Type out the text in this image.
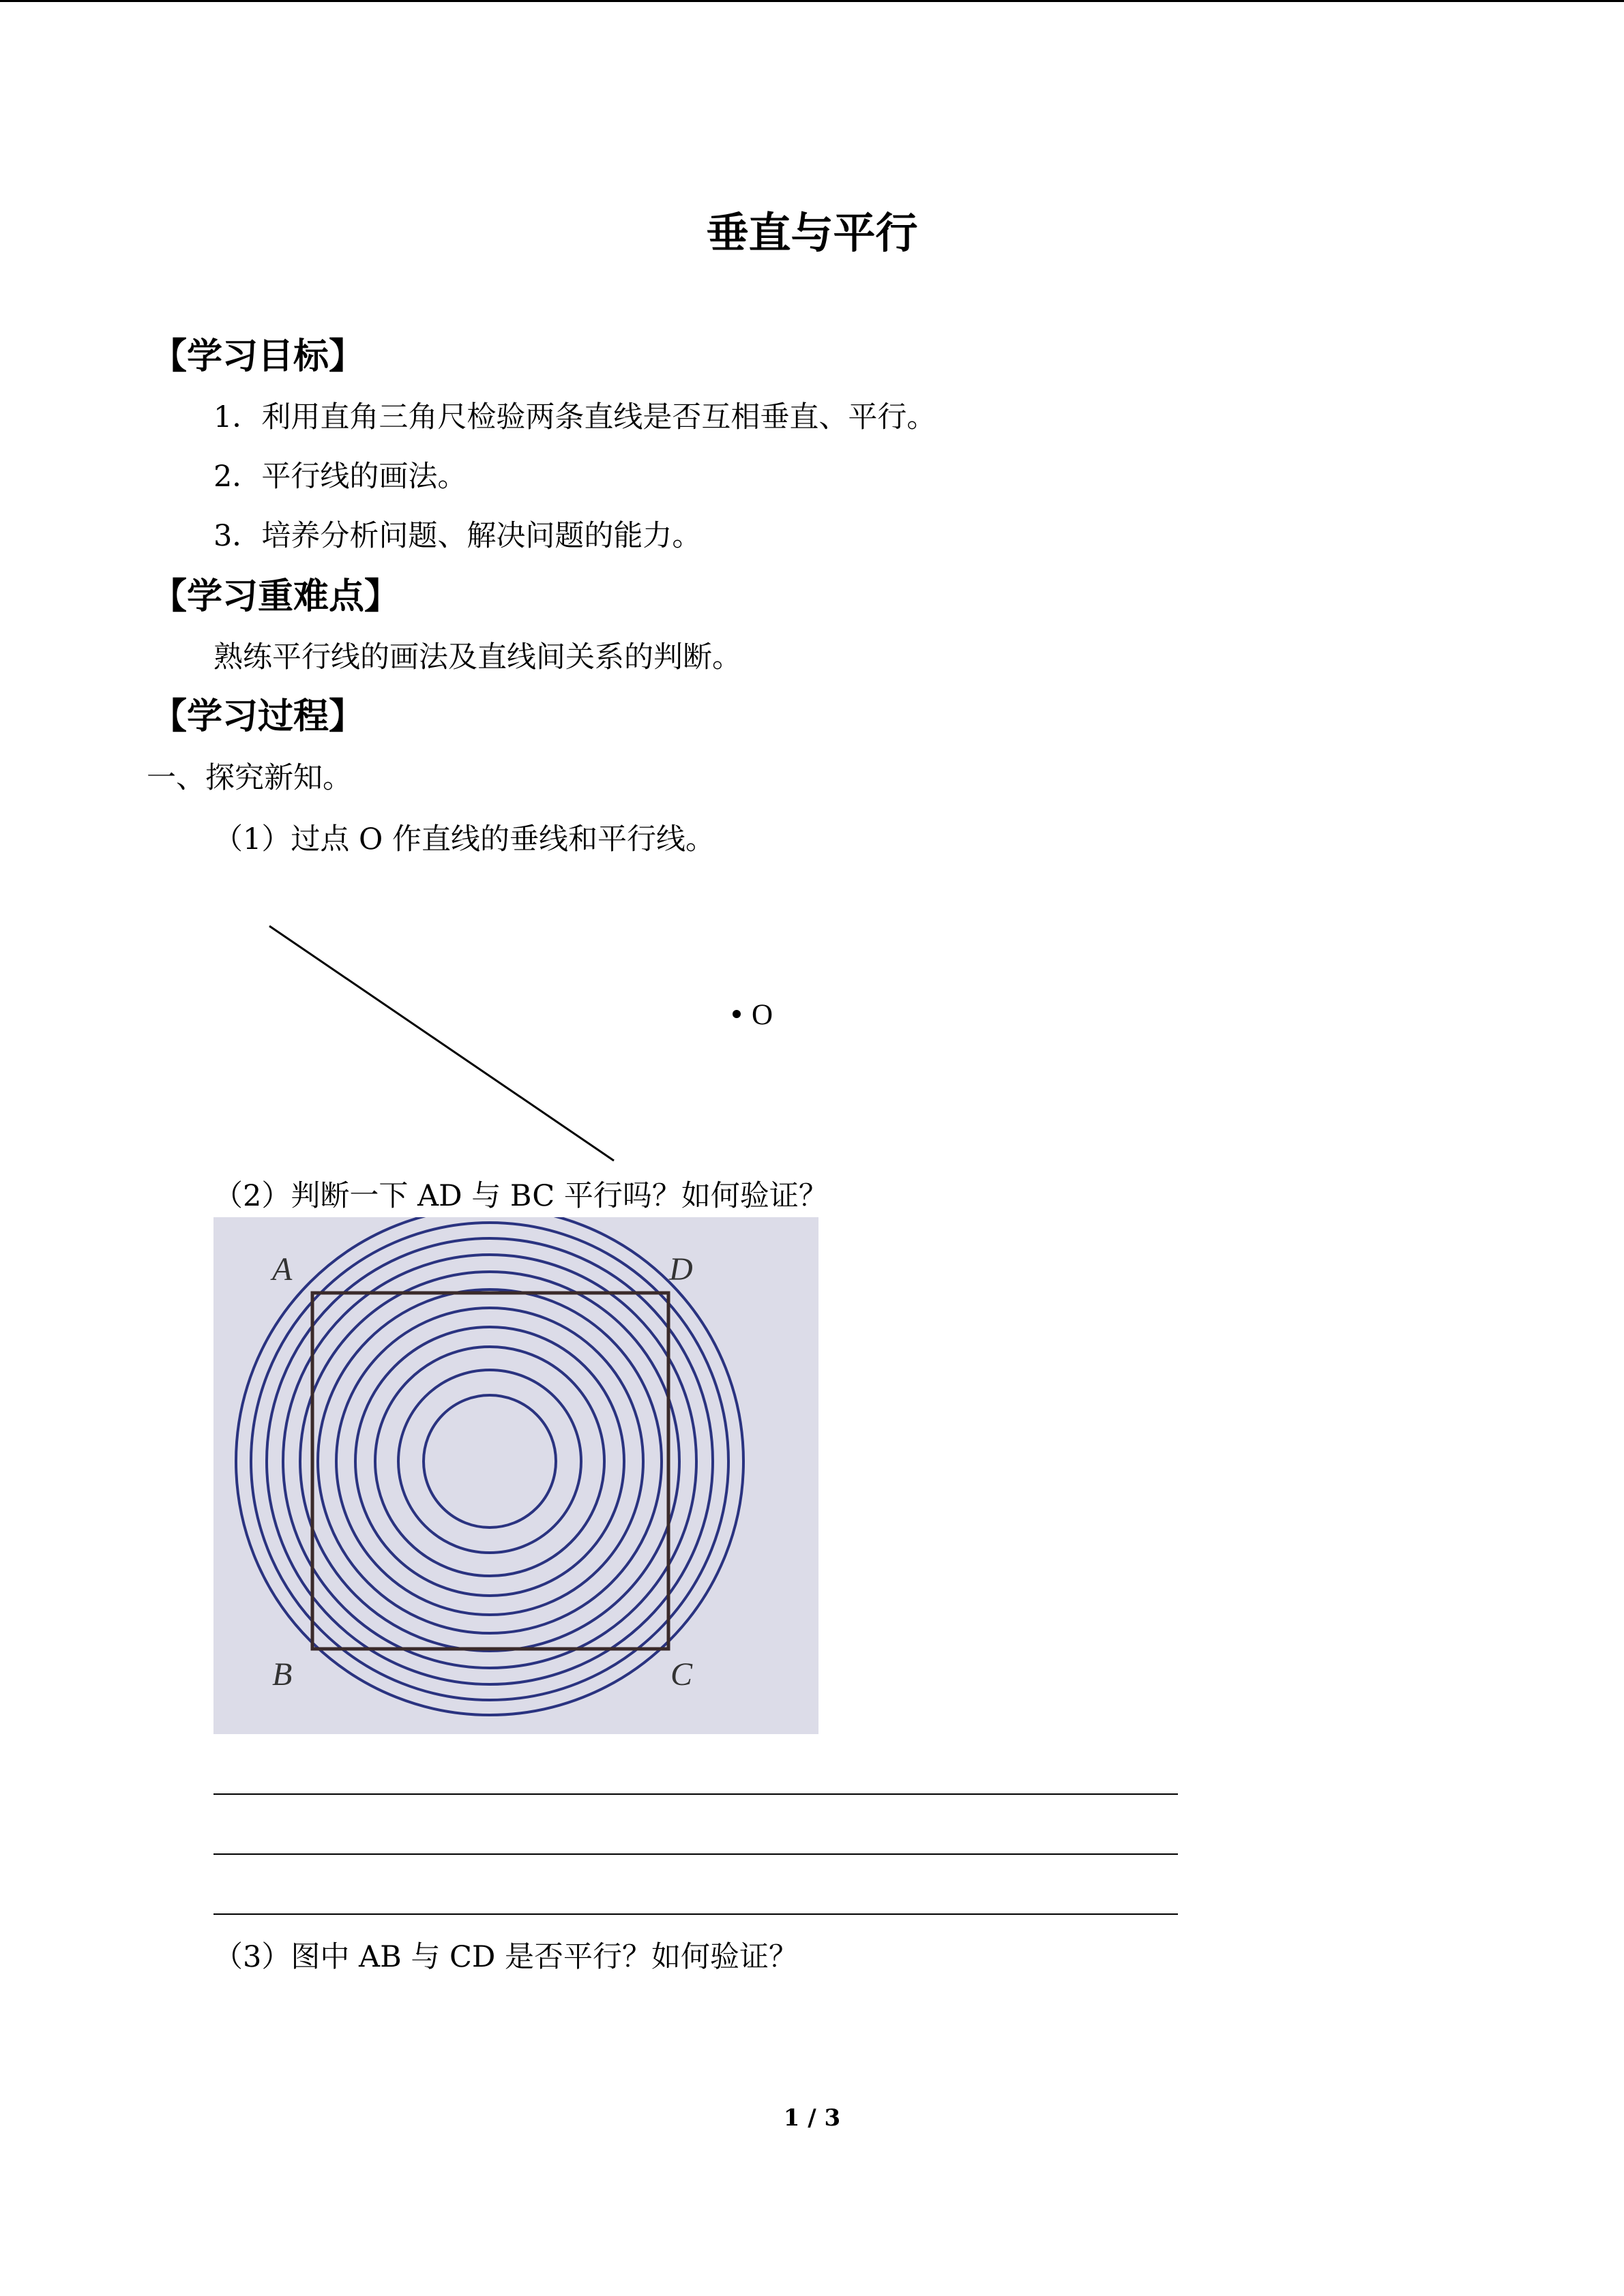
垂直与平行
【学习目标】
1．利用直角三角尺检验两条直线是否互相垂直、平行。
2．平行线的画法。
3．培养分析问题、解决问题的能力。
【学习重难点】
熟练平行线的画法及直线间关系的判断。
【学习过程】
一、探究新知。
（1）过点 O 作直线的垂线和平行线。
O
（2）判断一下 AD 与 BC 平行吗？如何验证？
A	D
B	C
（3）图中 AB 与 CD 是否平行？如何验证？
1 / 3
